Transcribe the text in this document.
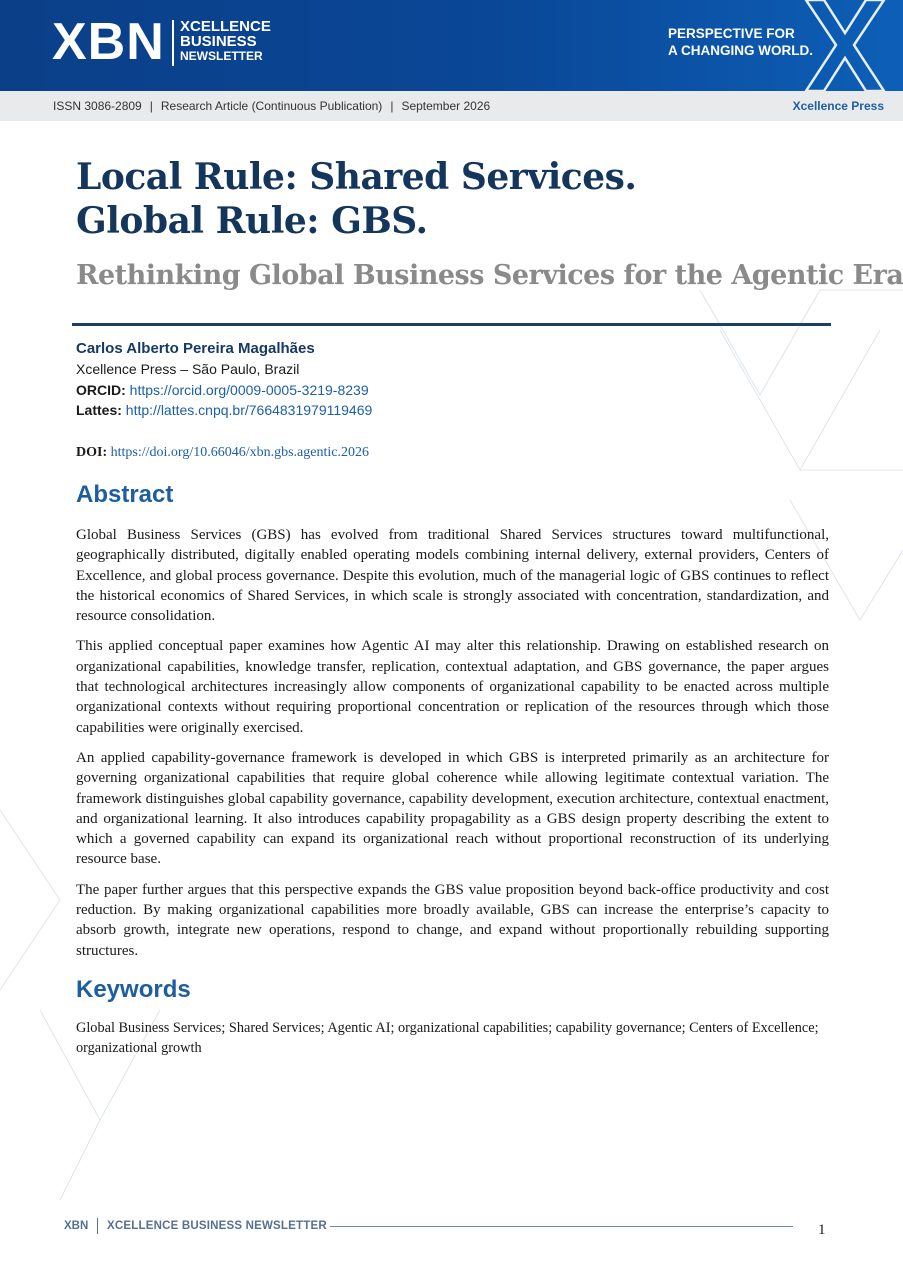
XBN XCELLENCE
BUSINESS
NEWSLETTER
PERSPECTIVE FOR
A CHANGING WORLD.
ISSN 3086-2809 | Research Article (Continuous Publication) | September 2026	Xcellence Press
Local Rule: Shared Services.
Global Rule: GBS.
Rethinking Global Business Services for the Agentic Era
Carlos Alberto Pereira Magalhães
Xcellence Press – São Paulo, Brazil
ORCID: https://orcid.org/0009-0005-3219-8239
Lattes: http://lattes.cnpq.br/7664831979119469
DOI: https://doi.org/10.66046/xbn.gbs.agentic.2026
Abstract

Global Business Services (GBS) has evolved from traditional Shared Services structures toward multifunctional, geographically distributed, digitally enabled operating models combining internal delivery, external providers, Centers of Excellence, and global process governance. Despite this evolution, much of the managerial logic of GBS continues to reflect the historical economics of Shared Services, in which scale is strongly associated with concentration, standardization, and resource consolidation.

This applied conceptual paper examines how Agentic AI may alter this relationship. Drawing on established research on organizational capabilities, knowledge transfer, replication, contextual adaptation, and GBS governance, the paper argues that technological architectures increasingly allow components of organizational capability to be enacted across multiple organizational contexts without requiring proportional concentration or replication of the resources through which those capabilities were originally exercised.

An applied capability-governance framework is developed in which GBS is interpreted primarily as an architecture for governing organizational capabilities that require global coherence while allowing legitimate contextual variation. The framework distinguishes global capability governance, capability development, execution architecture, contextual enactment, and organizational learning. It also introduces capability propagability as a GBS design property describing the extent to which a governed capability can expand its organizational reach without proportional reconstruction of its underlying resource base.

The paper further argues that this perspective expands the GBS value proposition beyond back-office productivity and cost reduction. By making organizational capabilities more broadly available, GBS can increase the enterprise’s capacity to absorb growth, integrate new operations, respond to change, and expand without proportionally rebuilding supporting structures.

Keywords

Global Business Services; Shared Services; Agentic AI; organizational capabilities; capability governance; Centers of Excellence; organizational growth

XBN XCELLENCE BUSINESS NEWSLETTER	1
